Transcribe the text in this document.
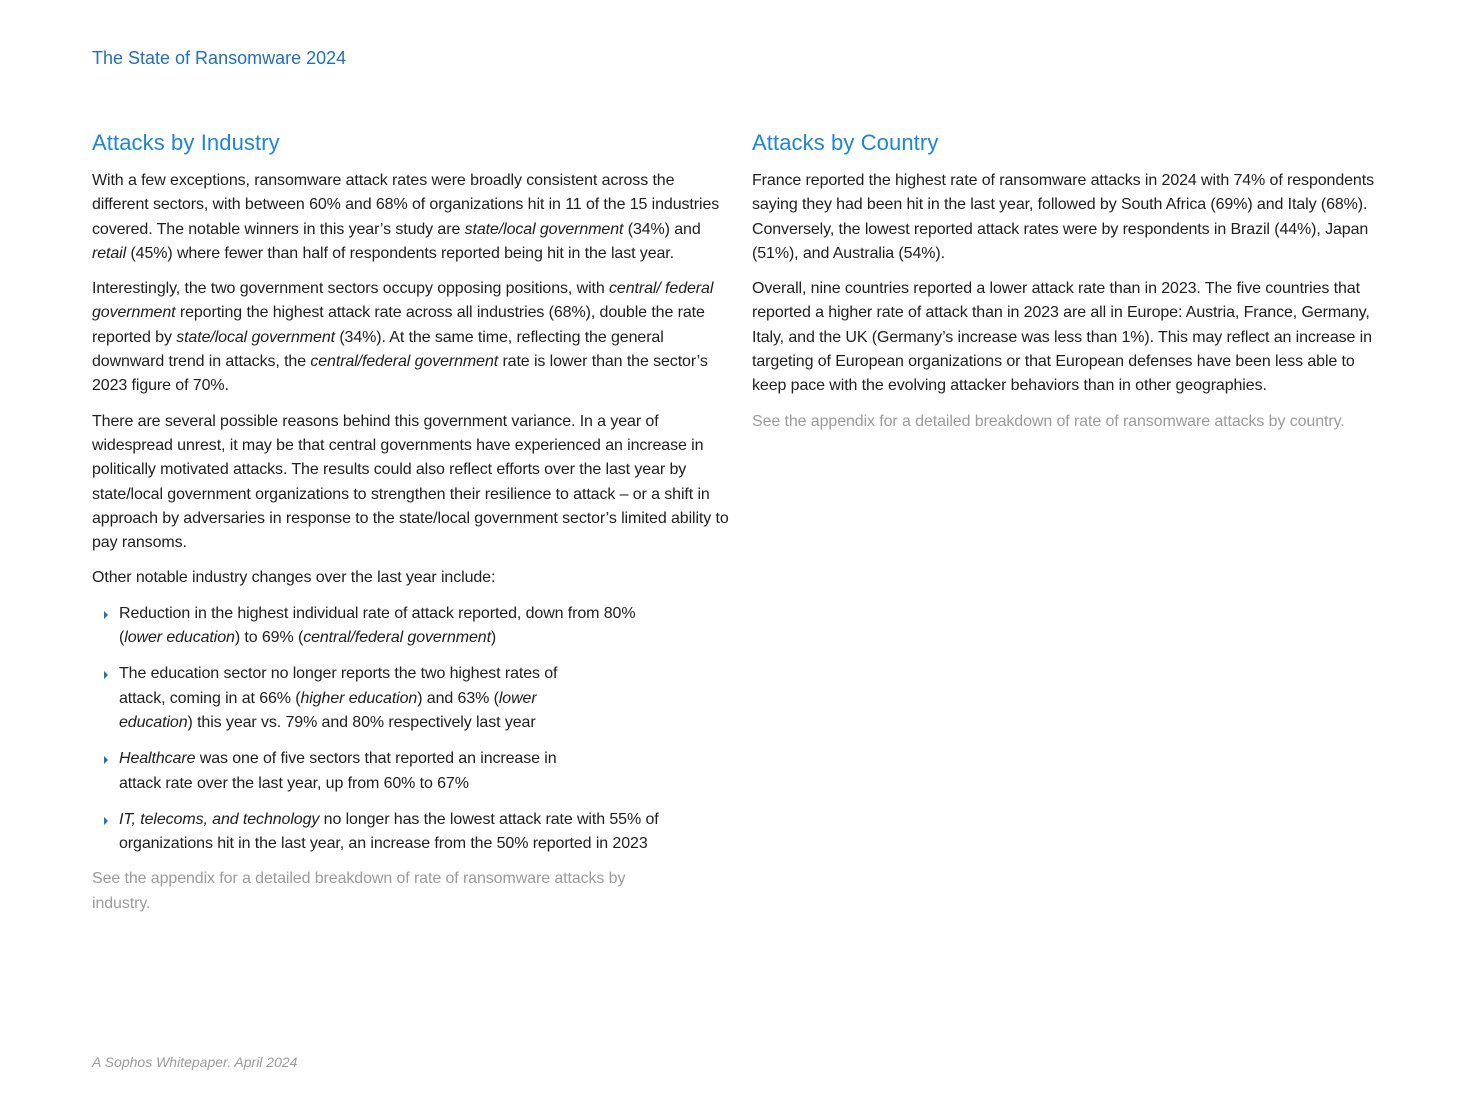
The State of Ransomware 2024
Attacks by Industry

With a few exceptions, ransomware attack rates were broadly consistent across the different sectors, with between 60% and 68% of organizations hit in 11 of the 15 industries covered. The notable winners in this year’s study are state/local government (34%) and retail (45%) where fewer than half of respondents reported being hit in the last year.

Interestingly, the two government sectors occupy opposing positions, with central/ federal government reporting the highest attack rate across all industries (68%), double the rate reported by state/local government (34%). At the same time, reflecting the general downward trend in attacks, the central/federal government rate is lower than the sector’s 2023 figure of 70%.

There are several possible reasons behind this government variance. In a year of widespread unrest, it may be that central governments have experienced an increase in politically motivated attacks. The results could also reflect efforts over the last year by state/local government organizations to strengthen their resilience to attack – or a shift in approach by adversaries in response to the state/local government sector’s limited ability to pay ransoms.

Other notable industry changes over the last year include:

Reduction in the highest individual rate of attack reported, down from 80% (lower education) to 69% (central/federal government)
The education sector no longer reports the two highest rates of attack, coming in at 66% (higher education) and 63% (lower education) this year vs. 79% and 80% respectively last year
Healthcare was one of five sectors that reported an increase in attack rate over the last year, up from 60% to 67%
IT, telecoms, and technology no longer has the lowest attack rate with 55% of organizations hit in the last year, an increase from the 50% reported in 2023

See the appendix for a detailed breakdown of rate of ransomware attacks by industry.

Attacks by Country

France reported the highest rate of ransomware attacks in 2024 with 74% of respondents saying they had been hit in the last year, followed by South Africa (69%) and Italy (68%). Conversely, the lowest reported attack rates were by respondents in Brazil (44%), Japan (51%), and Australia (54%).

Overall, nine countries reported a lower attack rate than in 2023. The five countries that reported a higher rate of attack than in 2023 are all in Europe: Austria, France, Germany, Italy, and the UK (Germany’s increase was less than 1%). This may reflect an increase in targeting of European organizations or that European defenses have been less able to keep pace with the evolving attacker behaviors than in other geographies.

See the appendix for a detailed breakdown of rate of ransomware attacks by country.

A Sophos Whitepaper. April 2024
